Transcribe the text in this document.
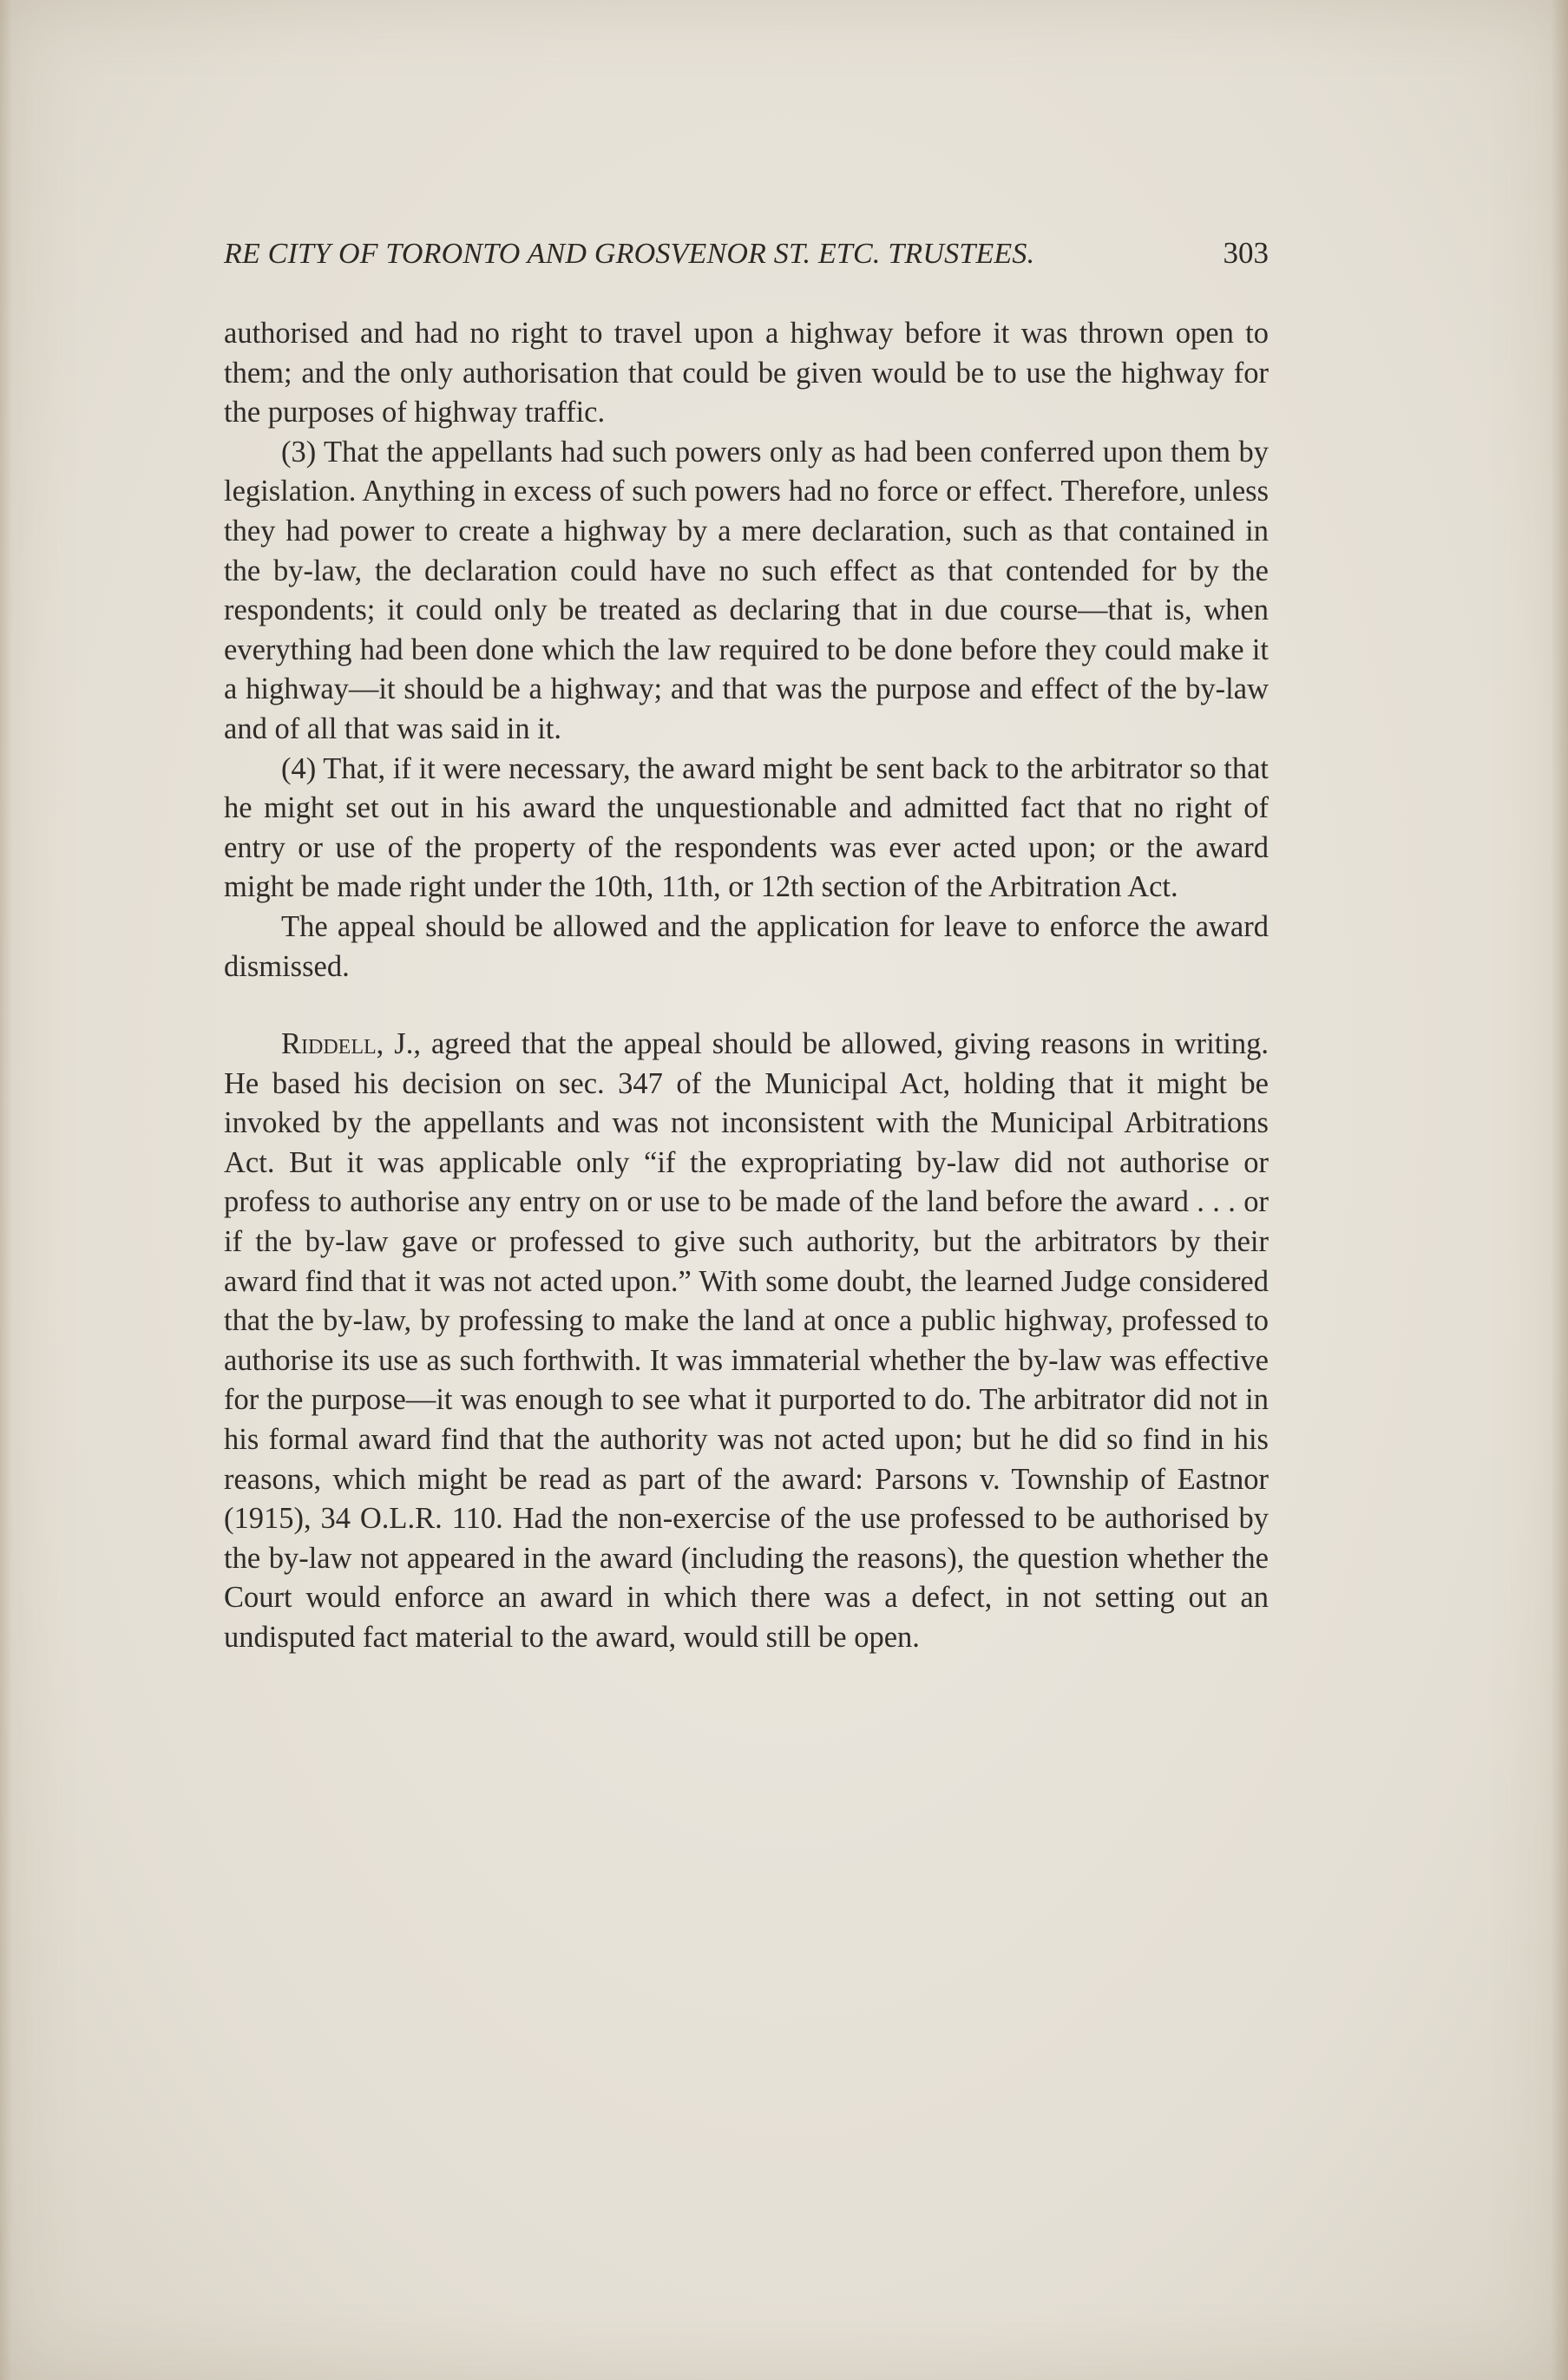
RE CITY OF TORONTO AND GROSVENOR ST. ETC. TRUSTEES.	303

authorised and had no right to travel upon a highway before it was thrown open to them; and the only authorisation that could be given would be to use the highway for the purposes of highway traffic.

(3) That the appellants had such powers only as had been conferred upon them by legislation. Anything in excess of such powers had no force or effect. Therefore, unless they had power to create a highway by a mere declaration, such as that contained in the by-law, the declaration could have no such effect as that contended for by the respondents; it could only be treated as declaring that in due course—that is, when everything had been done which the law required to be done before they could make it a highway—it should be a highway; and that was the purpose and effect of the by-law and of all that was said in it.

(4) That, if it were necessary, the award might be sent back to the arbitrator so that he might set out in his award the unquestionable and admitted fact that no right of entry or use of the property of the respondents was ever acted upon; or the award might be made right under the 10th, 11th, or 12th section of the Arbitration Act.

The appeal should be allowed and the application for leave to enforce the award dismissed.

Riddell, J., agreed that the appeal should be allowed, giving reasons in writing. He based his decision on sec. 347 of the Municipal Act, holding that it might be invoked by the appellants and was not inconsistent with the Municipal Arbitrations Act. But it was applicable only “if the expropriating by-law did not authorise or profess to authorise any entry on or use to be made of the land before the award . . . or if the by-law gave or professed to give such authority, but the arbitrators by their award find that it was not acted upon.” With some doubt, the learned Judge considered that the by-law, by professing to make the land at once a public highway, professed to authorise its use as such forthwith. It was immaterial whether the by-law was effective for the purpose—it was enough to see what it purported to do. The arbitrator did not in his formal award find that the authority was not acted upon; but he did so find in his reasons, which might be read as part of the award: Parsons v. Township of Eastnor (1915), 34 O.L.R. 110. Had the non-exercise of the use professed to be authorised by the by-law not appeared in the award (including the reasons), the question whether the Court would enforce an award in which there was a defect, in not setting out an undisputed fact material to the award, would still be open.
